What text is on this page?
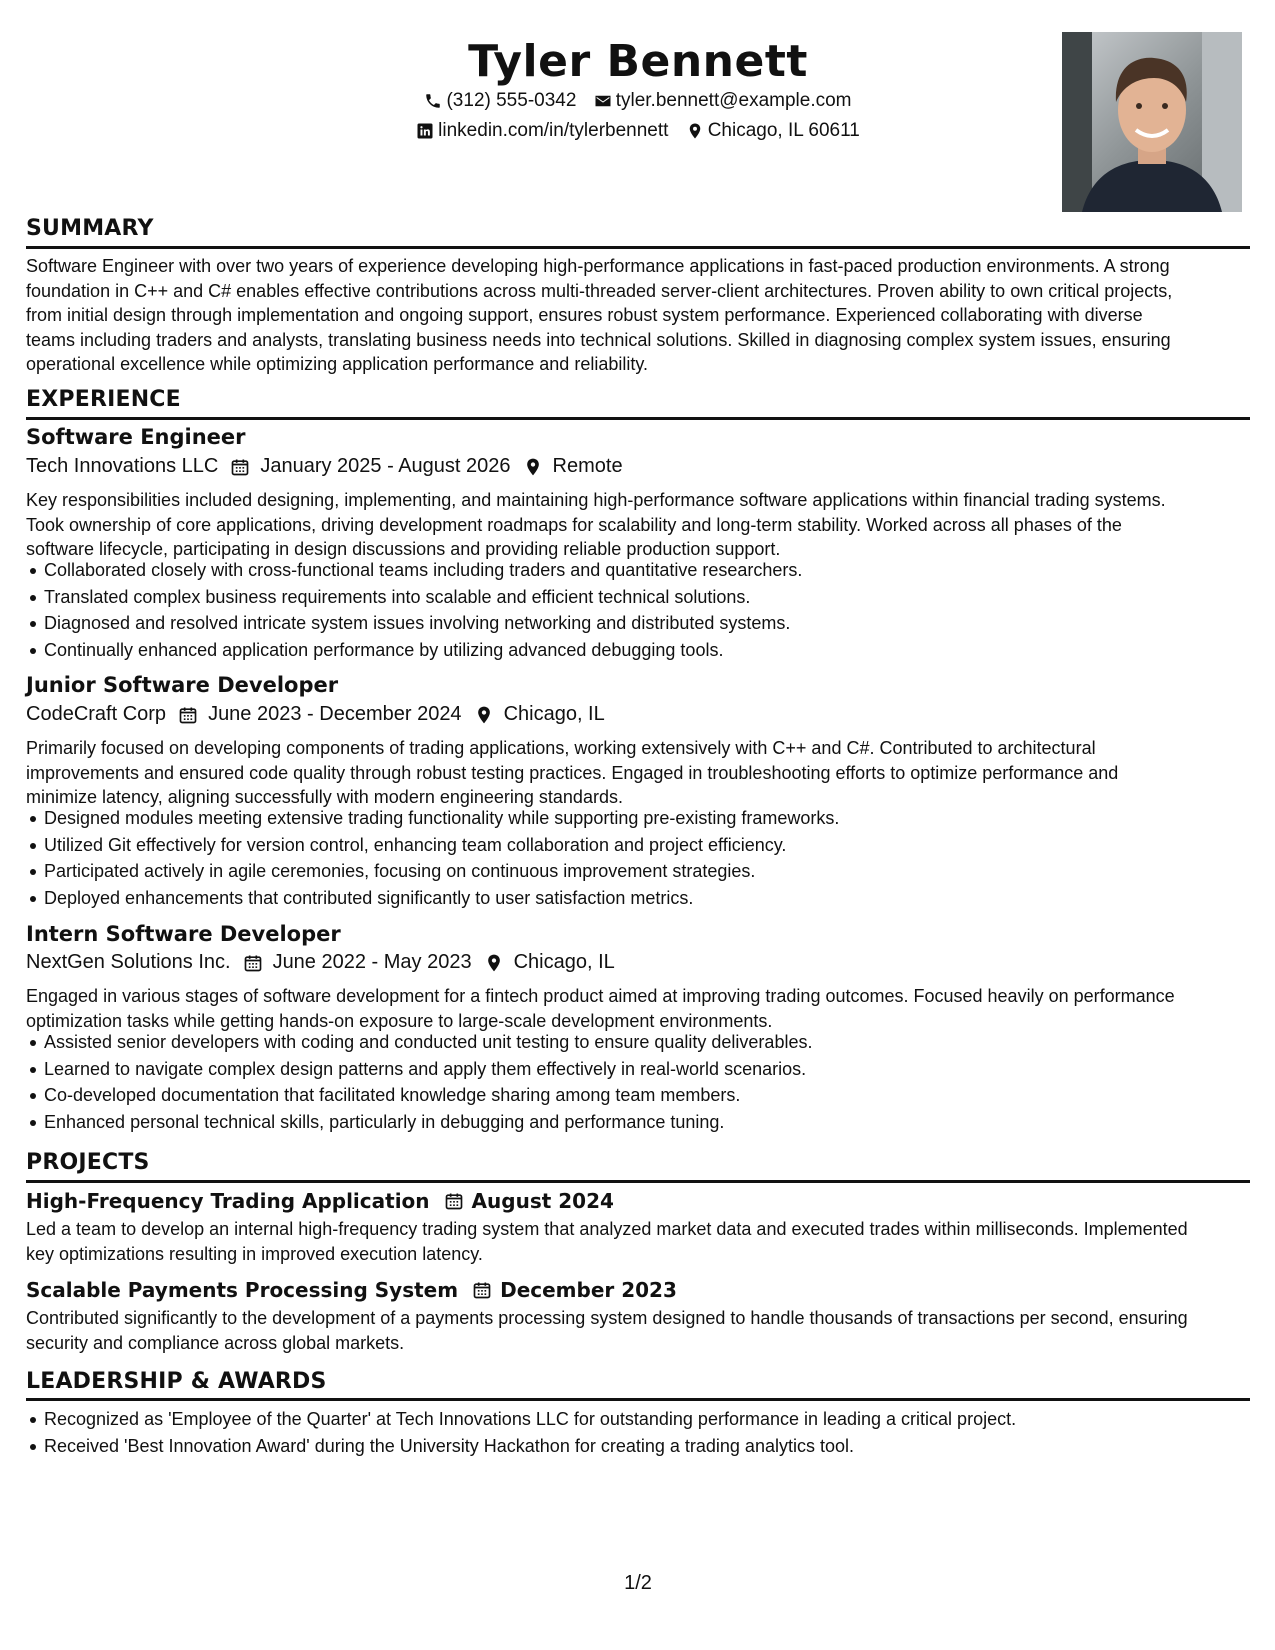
Tyler Bennett
(312) 555-0342
tyler.bennett@example.com
linkedin.com/in/tylerbennett
Chicago, IL 60611
SUMMARY
Software Engineer with over two years of experience developing high-performance applications in fast-paced production environments. A strong
foundation in C++ and C# enables effective contributions across multi-threaded server-client architectures. Proven ability to own critical projects,
from initial design through implementation and ongoing support, ensures robust system performance. Experienced collaborating with diverse
teams including traders and analysts, translating business needs into technical solutions. Skilled in diagnosing complex system issues, ensuring
operational excellence while optimizing application performance and reliability.
EXPERIENCE
Software Engineer
Tech Innovations LLC January 2025 - August 2026 Remote
Key responsibilities included designing, implementing, and maintaining high-performance software applications within financial trading systems.
Took ownership of core applications, driving development roadmaps for scalability and long-term stability. Worked across all phases of the
software lifecycle, participating in design discussions and providing reliable production support.
Collaborated closely with cross-functional teams including traders and quantitative researchers.
Translated complex business requirements into scalable and efficient technical solutions.
Diagnosed and resolved intricate system issues involving networking and distributed systems.
Continually enhanced application performance by utilizing advanced debugging tools.
Junior Software Developer
CodeCraft Corp June 2023 - December 2024 Chicago, IL
Primarily focused on developing components of trading applications, working extensively with C++ and C#. Contributed to architectural
improvements and ensured code quality through robust testing practices. Engaged in troubleshooting efforts to optimize performance and
minimize latency, aligning successfully with modern engineering standards.
Designed modules meeting extensive trading functionality while supporting pre-existing frameworks.
Utilized Git effectively for version control, enhancing team collaboration and project efficiency.
Participated actively in agile ceremonies, focusing on continuous improvement strategies.
Deployed enhancements that contributed significantly to user satisfaction metrics.
Intern Software Developer
NextGen Solutions Inc. June 2022 - May 2023 Chicago, IL
Engaged in various stages of software development for a fintech product aimed at improving trading outcomes. Focused heavily on performance
optimization tasks while getting hands-on exposure to large-scale development environments.
Assisted senior developers with coding and conducted unit testing to ensure quality deliverables.
Learned to navigate complex design patterns and apply them effectively in real-world scenarios.
Co-developed documentation that facilitated knowledge sharing among team members.
Enhanced personal technical skills, particularly in debugging and performance tuning.
PROJECTS
High-Frequency Trading Application August 2024
Led a team to develop an internal high-frequency trading system that analyzed market data and executed trades within milliseconds. Implemented
key optimizations resulting in improved execution latency.
Scalable Payments Processing System December 2023
Contributed significantly to the development of a payments processing system designed to handle thousands of transactions per second, ensuring
security and compliance across global markets.
LEADERSHIP & AWARDS
Recognized as 'Employee of the Quarter' at Tech Innovations LLC for outstanding performance in leading a critical project.
Received 'Best Innovation Award' during the University Hackathon for creating a trading analytics tool.
1/2
